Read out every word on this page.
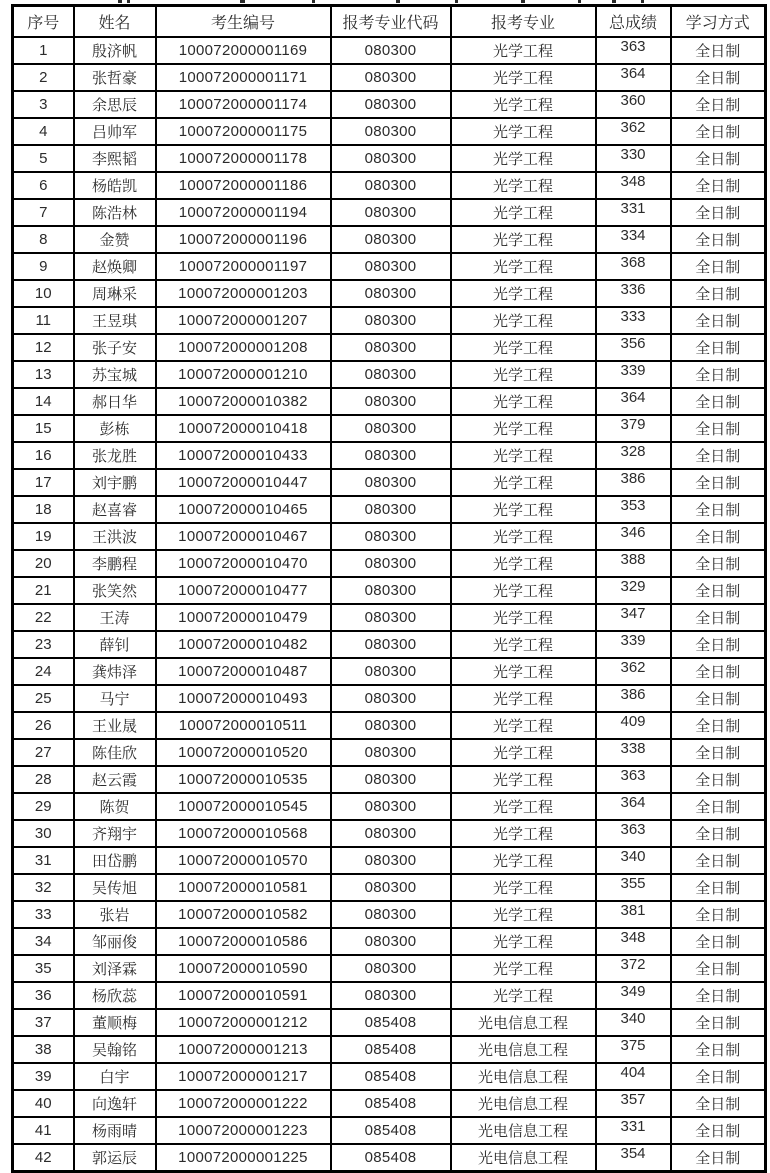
序号	姓名	考生编号	报考专业代码	报考专业	总成绩	学习方式
1	殷济帆	100072000001169	080300	光学工程	363	全日制
2	张哲豪	100072000001171	080300	光学工程	364	全日制
3	余思辰	100072000001174	080300	光学工程	360	全日制
4	吕帅军	100072000001175	080300	光学工程	362	全日制
5	李熙韬	100072000001178	080300	光学工程	330	全日制
6	杨皓凯	100072000001186	080300	光学工程	348	全日制
7	陈浩林	100072000001194	080300	光学工程	331	全日制
8	金赞	100072000001196	080300	光学工程	334	全日制
9	赵焕卿	100072000001197	080300	光学工程	368	全日制
10	周琳采	100072000001203	080300	光学工程	336	全日制
11	王昱琪	100072000001207	080300	光学工程	333	全日制
12	张子安	100072000001208	080300	光学工程	356	全日制
13	苏宝城	100072000001210	080300	光学工程	339	全日制
14	郝日华	100072000010382	080300	光学工程	364	全日制
15	彭栋	100072000010418	080300	光学工程	379	全日制
16	张龙胜	100072000010433	080300	光学工程	328	全日制
17	刘宇鹏	100072000010447	080300	光学工程	386	全日制
18	赵喜睿	100072000010465	080300	光学工程	353	全日制
19	王洪波	100072000010467	080300	光学工程	346	全日制
20	李鹏程	100072000010470	080300	光学工程	388	全日制
21	张笑然	100072000010477	080300	光学工程	329	全日制
22	王涛	100072000010479	080300	光学工程	347	全日制
23	薛钊	100072000010482	080300	光学工程	339	全日制
24	龚炜泽	100072000010487	080300	光学工程	362	全日制
25	马宁	100072000010493	080300	光学工程	386	全日制
26	王业晟	100072000010511	080300	光学工程	409	全日制
27	陈佳欣	100072000010520	080300	光学工程	338	全日制
28	赵云霞	100072000010535	080300	光学工程	363	全日制
29	陈贺	100072000010545	080300	光学工程	364	全日制
30	齐翔宇	100072000010568	080300	光学工程	363	全日制
31	田岱鹏	100072000010570	080300	光学工程	340	全日制
32	吴传旭	100072000010581	080300	光学工程	355	全日制
33	张岩	100072000010582	080300	光学工程	381	全日制
34	邹丽俊	100072000010586	080300	光学工程	348	全日制
35	刘泽霖	100072000010590	080300	光学工程	372	全日制
36	杨欣蕊	100072000010591	080300	光学工程	349	全日制
37	董顺梅	100072000001212	085408	光电信息工程	340	全日制
38	吴翰铭	100072000001213	085408	光电信息工程	375	全日制
39	白宇	100072000001217	085408	光电信息工程	404	全日制
40	向逸轩	100072000001222	085408	光电信息工程	357	全日制
41	杨雨晴	100072000001223	085408	光电信息工程	331	全日制
42	郭运辰	100072000001225	085408	光电信息工程	354	全日制
